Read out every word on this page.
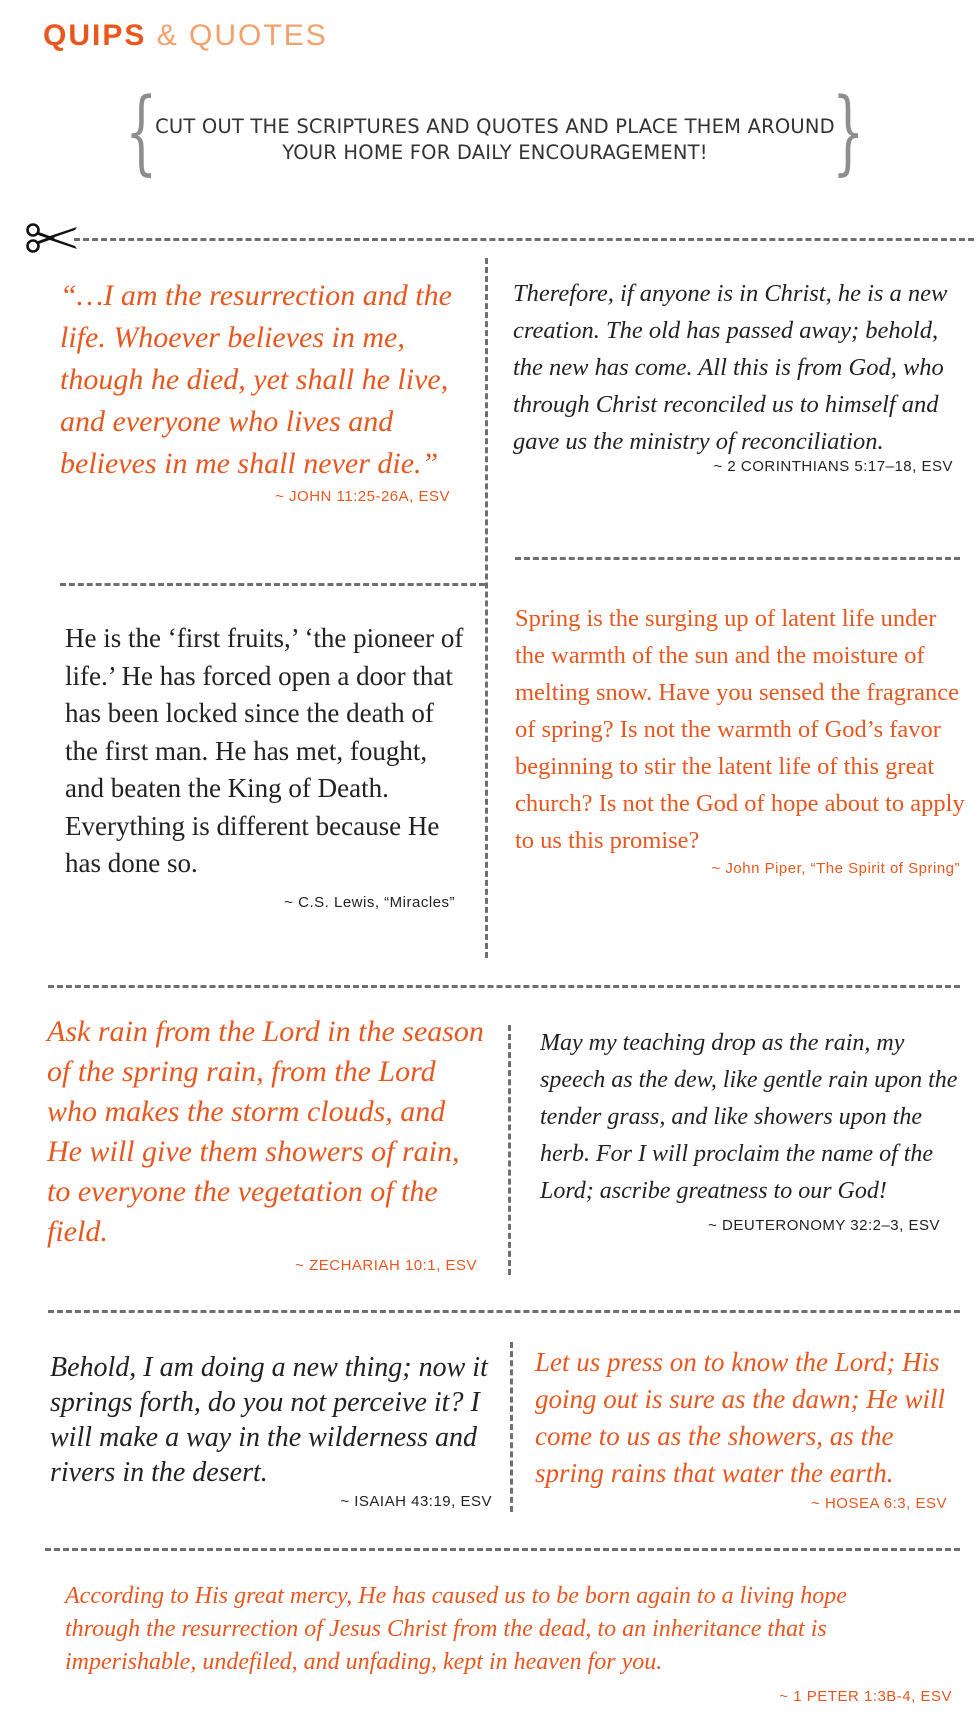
QUIPS & QUOTES
{
CUT OUT THE SCRIPTURES AND QUOTES AND PLACE THEM AROUND YOUR HOME FOR DAILY ENCOURAGEMENT!	}
“…I am the resurrection and the life. Whoever believes in me, though he died, yet shall he live, and everyone who lives and believes in me shall never die.”
~ JOHN 11:25-26A, ESV
Therefore, if anyone is in Christ, he is a new creation. The old has passed away; behold, the new has come. All this is from God, who through Christ reconciled us to himself and gave us the ministry of reconciliation.
~ 2 CORINTHIANS 5:17–18, ESV
He is the ‘first fruits,’ ‘the pioneer of life.’ He has forced open a door that has been locked since the death of the first man. He has met, fought, and beaten the King of Death. Everything is different because He has done so.
~ C.S. Lewis, “Miracles”
Spring is the surging up of latent life under the warmth of the sun and the moisture of melting snow. Have you sensed the fragrance of spring? Is not the warmth of God’s favor beginning to stir the latent life of this great church? Is not the God of hope about to apply to us this promise?
~ John Piper, “The Spirit of Spring”
Ask rain from the Lord in the season of the spring rain, from the Lord who makes the storm clouds, and He will give them showers of rain, to everyone the vegetation of the field.
~ ZECHARIAH 10:1, ESV
May my teaching drop as the rain, my speech as the dew, like gentle rain upon the tender grass, and like showers upon the herb. For I will proclaim the name of the Lord; ascribe greatness to our God!
~ DEUTERONOMY 32:2–3, ESV
Behold, I am doing a new thing; now it springs forth, do you not perceive it? I will make a way in the wilderness and rivers in the desert.
~ ISAIAH 43:19, ESV
Let us press on to know the Lord; His going out is sure as the dawn; He will come to us as the showers, as the spring rains that water the earth.
~ HOSEA 6:3, ESV
According to His great mercy, He has caused us to be born again to a living hope through the resurrection of Jesus Christ from the dead, to an inheritance that is imperishable, undefiled, and unfading, kept in heaven for you.
~ 1 PETER 1:3B-4, ESV
